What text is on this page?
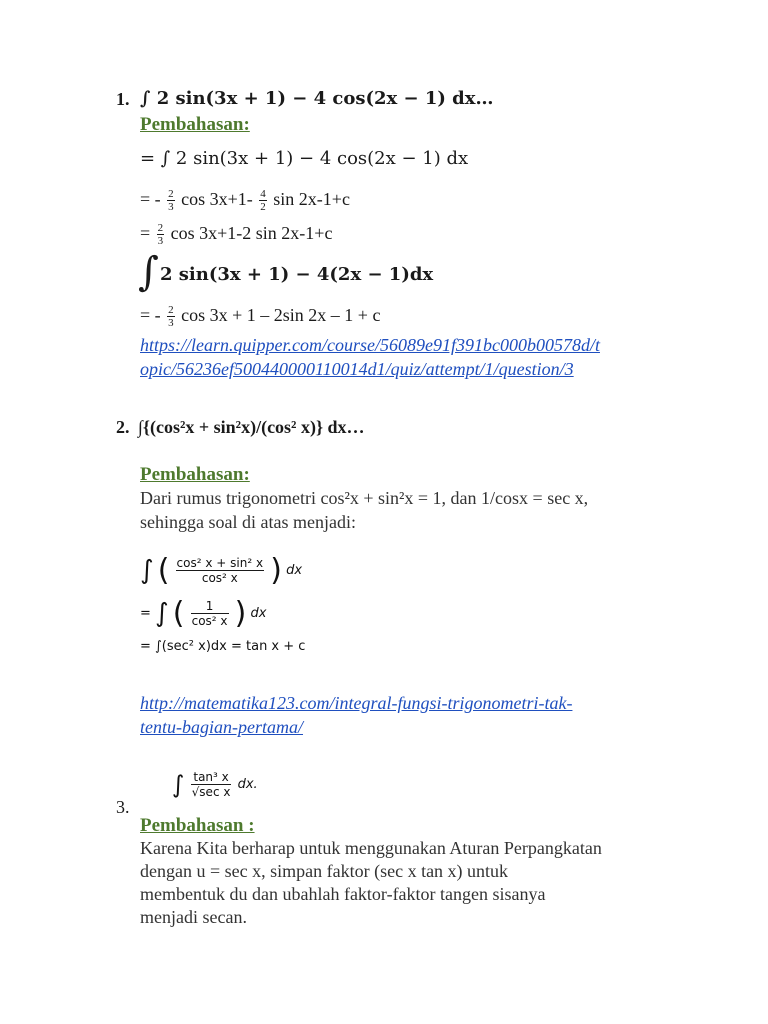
1. ∫ 2 sin(3x + 1) − 4 cos(2x − 1) dx…
Pembahasan:
= ∫ 2 sin(3x + 1) − 4 cos(2x − 1) dx
= - $\frac{2}{3}$ $\cos 3x+1- \frac{4}{2}$ sin 2x-1+c
= $\frac{2}{3}$ cos 3x+1-2 sin 2x-1+c
∫ 2 sin(3x + 1) − 4(2x − 1)dx
= - $\frac{2}{3}$ cos 3x + 1 – 2sin 2x – 1 + c
https://learn.quipper.com/course/56089e91f391bc000b00578d/t
opic/56236ef500440000110014d1/quiz/attempt/1/question/3
2. ∫{(cos²x + sin²x)/(cos² x)} dx…
Pembahasan:
Dari rumus trigonometri cos²x + sin²x = 1, dan 1/cosx = sec x,
sehingga soal di atas menjadi:
∫ ( $\frac{\text{cos² x + sin² x}}{\text{cos² x}}$ ) dx
= ∫ ( $\frac{1}{\text{cos² x}}$ ) dx
= ∫(sec² x)dx = tan x + c
http://matematika123.com/integral-fungsi-trigonometri-tak-
tentu-bagian-pertama/
3.
∫ $\frac{\text{tan³ x}}{\text{√sec x}}$ dx.
Pembahasan :
Karena Kita berharap untuk menggunakan Aturan Perpangkatan
dengan u = sec x, simpan faktor (sec x tan x) untuk
membentuk du dan ubahlah faktor-faktor tangen sisanya
menjadi secan.
